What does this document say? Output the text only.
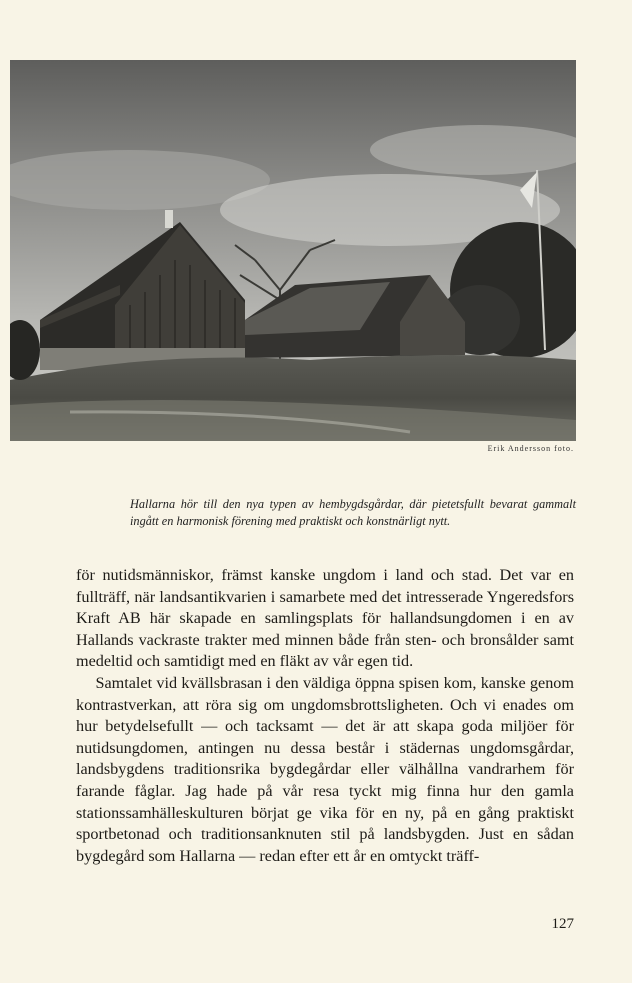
Erik Andersson foto.
Hallarna hör till den nya typen av hembygdsgårdar, där pietetsfullt bevarat gammalt ingått en harmonisk förening med praktiskt och konstnärligt nytt.

för nutidsmänniskor, främst kanske ungdom i land och stad. Det var en fullträff, när landsantikvarien i samarbete med det intresserade Yngeredsfors Kraft AB här skapade en samlingsplats för hallandsungdomen i en av Hallands vackraste trakter med minnen både från sten- och bronsålder samt medeltid och samtidigt med en fläkt av vår egen tid.

Samtalet vid kvällsbrasan i den väldiga öppna spisen kom, kanske genom kontrastverkan, att röra sig om ungdomsbrottsligheten. Och vi enades om hur betydelsefullt — och tacksamt — det är att skapa goda miljöer för nutidsungdomen, antingen nu dessa består i städernas ungdomsgårdar, landsbygdens traditionsrika bygdegårdar eller välhållna vandrarhem för farande fåglar. Jag hade på vår resa tyckt mig finna hur den gamla stationssamhälleskulturen börjat ge vika för en ny, på en gång praktiskt sportbetonad och traditionsanknuten stil på landsbygden. Just en sådan bygdegård som Hallarna — redan efter ett år en omtyckt träff-

127
